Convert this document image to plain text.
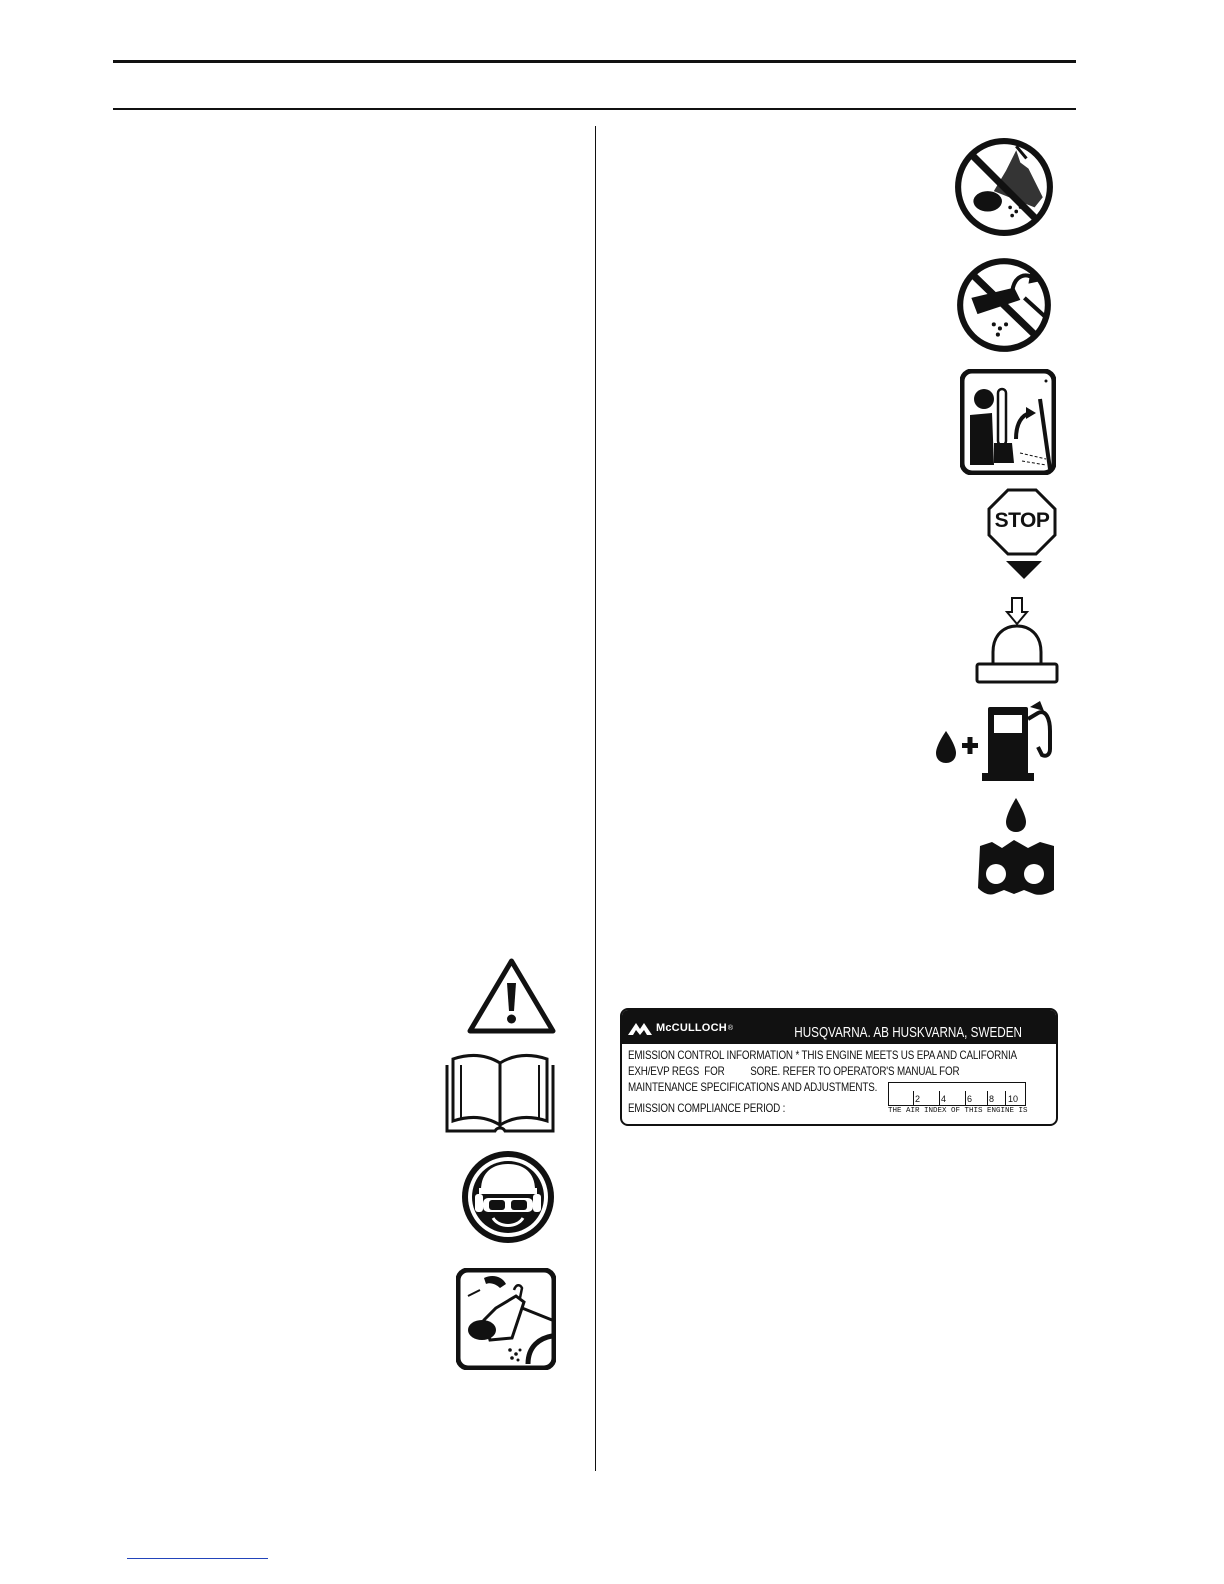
STOP
McCULLOCH ®	HUSQVARNA. AB HUSKVARNA, SWEDEN
EMISSION CONTROL INFORMATION * THIS ENGINE MEETS US EPA AND CALIFORNIA
EXH/EVP REGS  FOR          SORE. REFER TO OPERATOR'S MANUAL FOR
MAINTENANCE SPECIFICATIONS AND ADJUSTMENTS.
EMISSION COMPLIANCE PERIOD :
2 4 6 8 10
THE AIR INDEX OF THIS ENGINE IS
